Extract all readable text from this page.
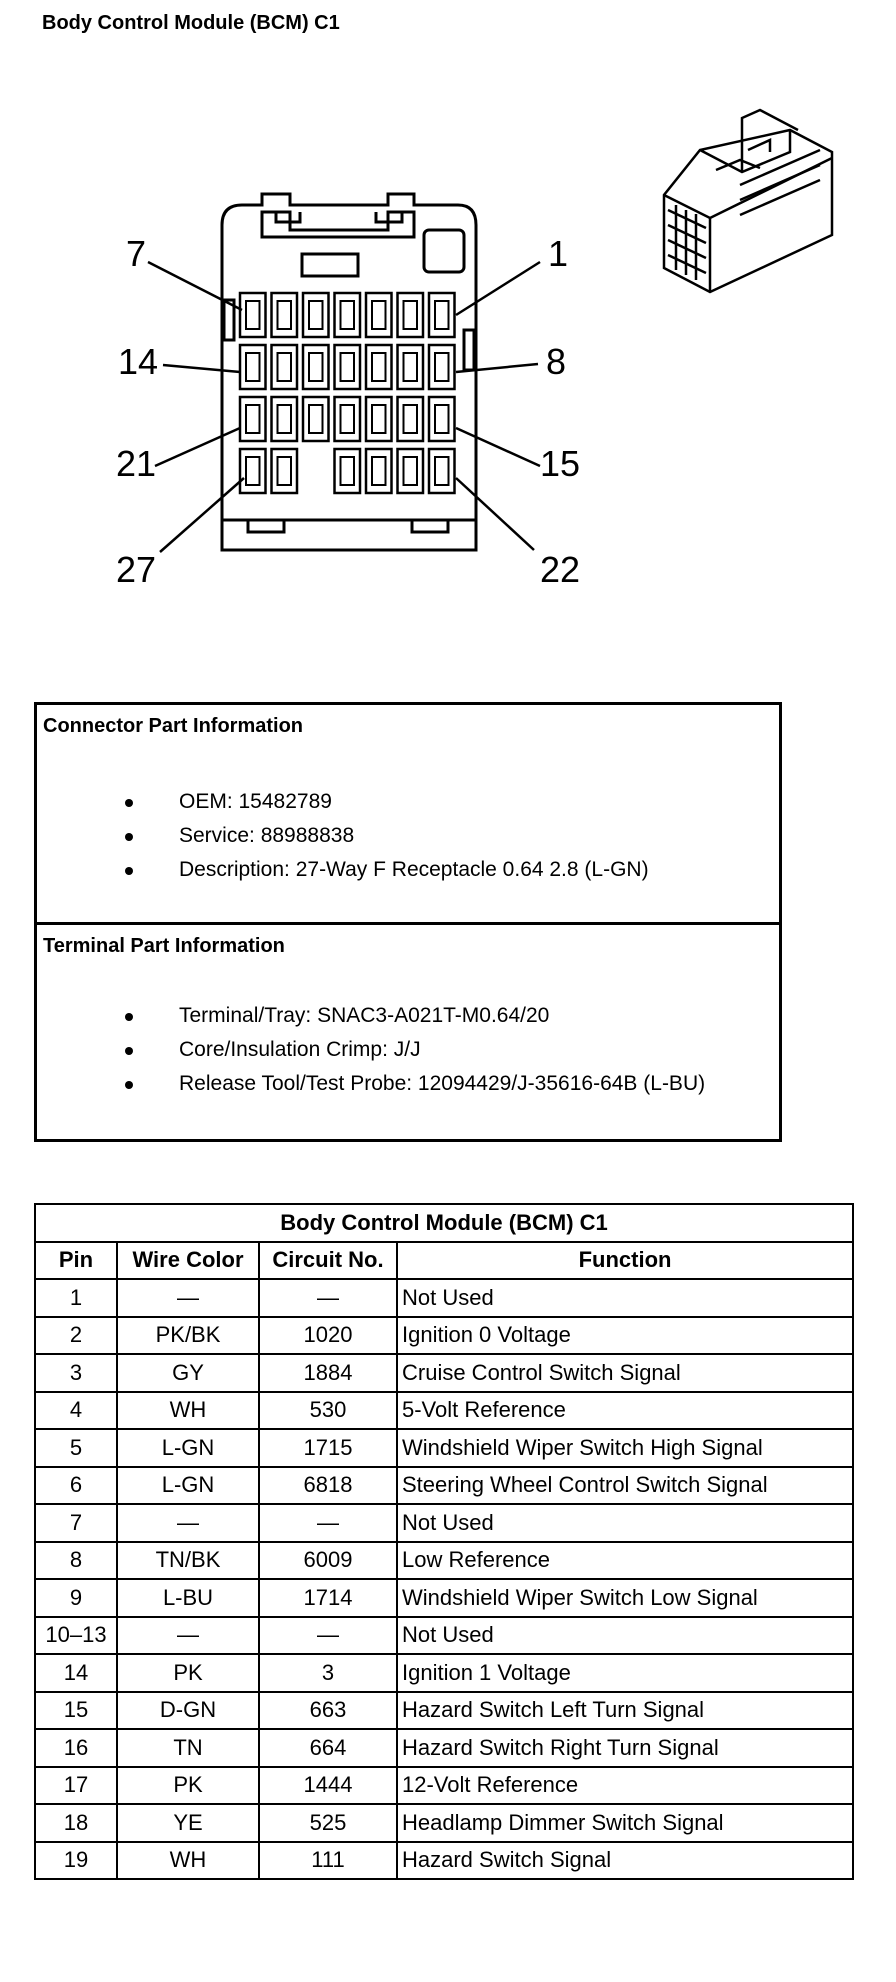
Body Control Module (BCM) C1
7	1
14	8
21	15
27	22
Connector Part Information
OEM: 15482789
Service: 88988838
Description: 27-Way F Receptacle 0.64 2.8 (L-GN)
Terminal Part Information
Terminal/Tray: SNAC3-A021T-M0.64/20
Core/Insulation Crimp: J/J
Release Tool/Test Probe: 12094429/J-35616-64B (L-BU)
Body Control Module (BCM) C1			
Pin	Wire Color	Circuit No.	Function
1	—	—	Not Used
2	PK/BK	1020	Ignition 0 Voltage
3	GY	1884	Cruise Control Switch Signal
4	WH	530	5-Volt Reference
5	L-GN	1715	Windshield Wiper Switch High Signal
6	L-GN	6818	Steering Wheel Control Switch Signal
7	—	—	Not Used
8	TN/BK	6009	Low Reference
9	L-BU	1714	Windshield Wiper Switch Low Signal
10–13	—	—	Not Used
14	PK	3	Ignition 1 Voltage
15	D-GN	663	Hazard Switch Left Turn Signal
16	TN	664	Hazard Switch Right Turn Signal
17	PK	1444	12-Volt Reference
18	YE	525	Headlamp Dimmer Switch Signal
19	WH	111	Hazard Switch Signal
